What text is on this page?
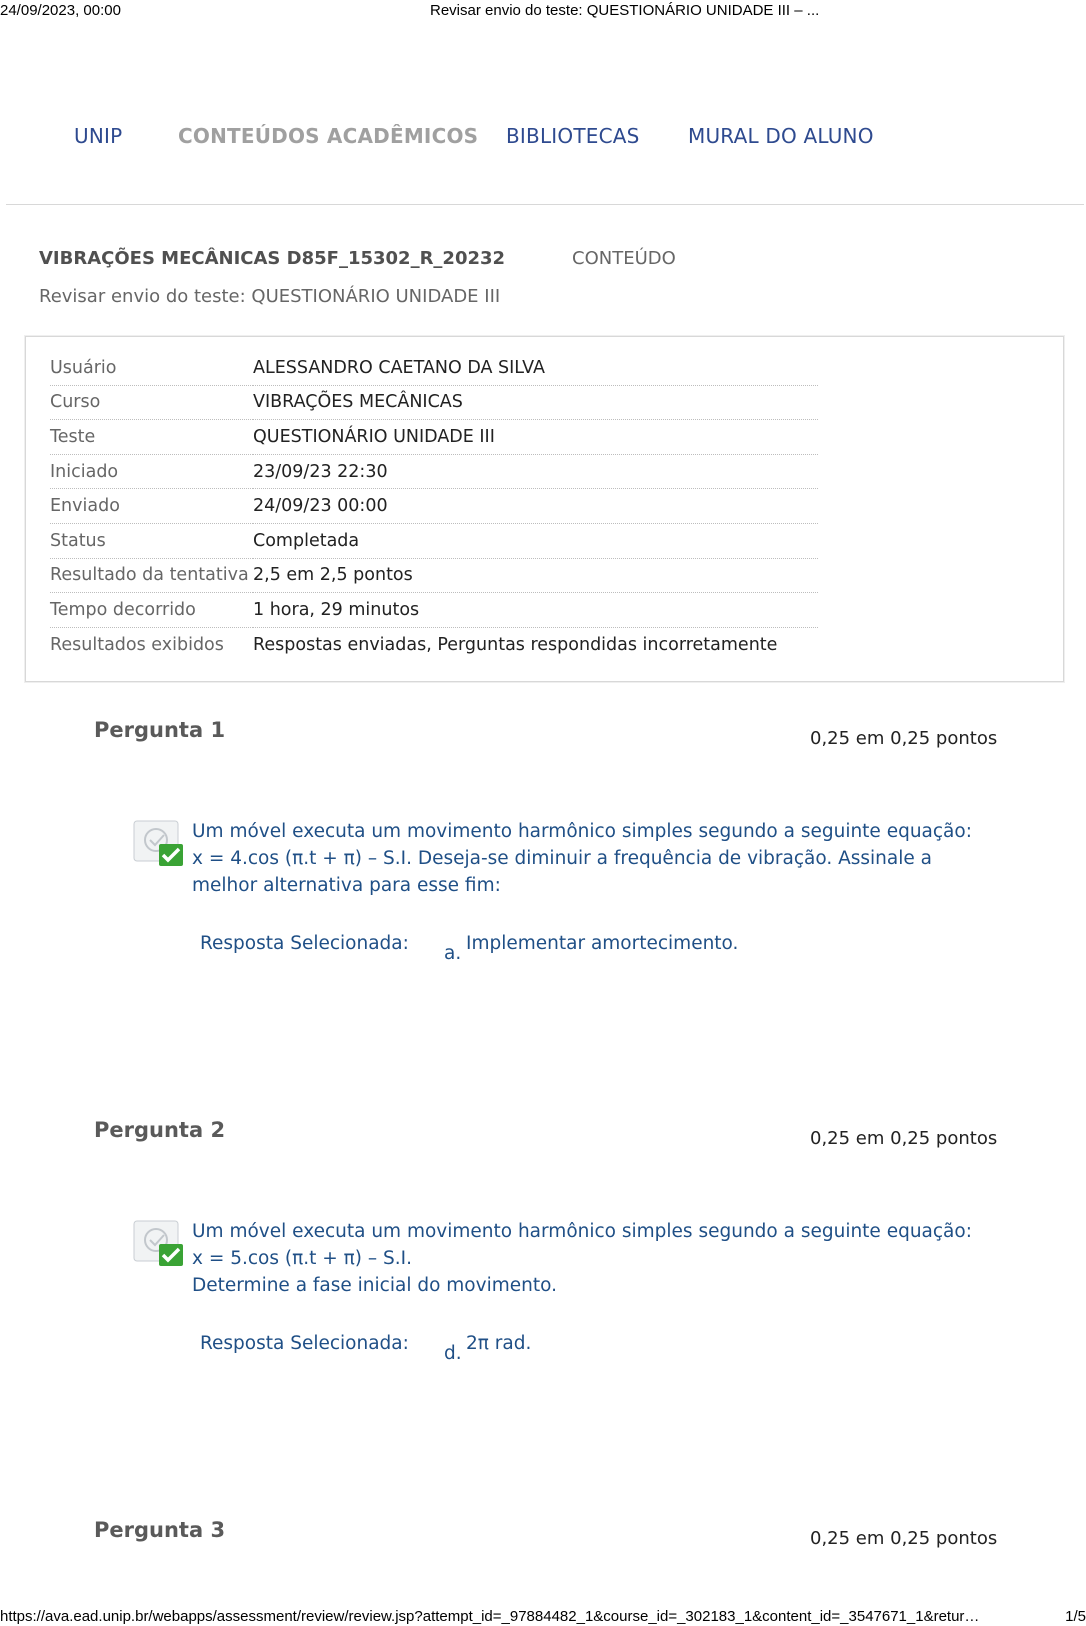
24/09/2023, 00:00	Revisar envio do teste: QUESTIONÁRIO UNIDADE III – ...
UNIP	CONTEÚDOS ACADÊMICOS BIBLIOTECAS MURAL DO ALUNO
VIBRAÇÕES MECÂNICAS D85F_15302_R_20232	CONTEÚDO
Revisar envio do teste: QUESTIONÁRIO UNIDADE III
Usuário	ALESSANDRO CAETANO DA SILVA
Curso	VIBRAÇÕES MECÂNICAS
Teste	QUESTIONÁRIO UNIDADE III
Iniciado	23/09/23 22:30
Enviado	24/09/23 00:00
Status	Completada
Resultado da tentativa	2,5 em 2,5 pontos
Tempo decorrido	1 hora, 29 minutos
Resultados exibidos	Respostas enviadas, Perguntas respondidas incorretamente
Pergunta 1	0,25 em 0,25 pontos
Um móvel executa um movimento harmônico simples segundo a seguinte equação:
x = 4.cos (π.t + π) – S.I. Deseja-se diminuir a frequência de vibração. Assinale a
melhor alternativa para esse fim:
Resposta Selecionada: a. Implementar amortecimento.
Pergunta 2	0,25 em 0,25 pontos
Um móvel executa um movimento harmônico simples segundo a seguinte equação:
x = 5.cos (π.t + π) – S.I.
Determine a fase inicial do movimento.
Resposta Selecionada: d. 2π rad.
Pergunta 3	0,25 em 0,25 pontos
https://ava.ead.unip.br/webapps/assessment/review/review.jsp?attempt_id=_97884482_1&course_id=_302183_1&content_id=_3547671_1&retur…	1/5
